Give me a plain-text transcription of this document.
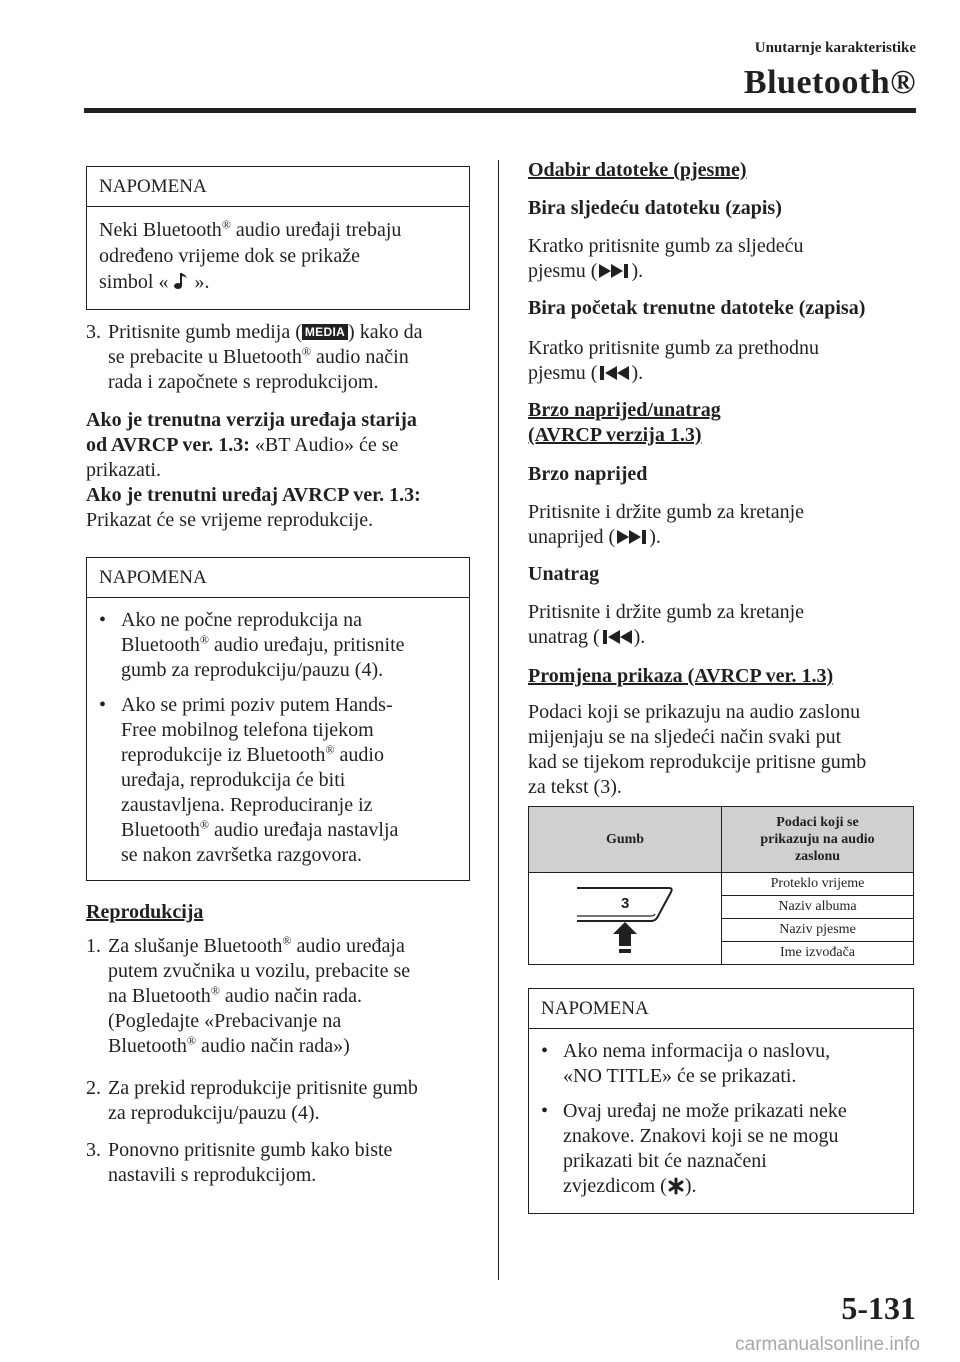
Unutarnje karakteristike
Bluetooth®
NAPOMENA
Neki Bluetooth® audio uređaji trebaju
određeno vrijeme dok se prikaže
simbol « ».
3. Pritisnite gumb medija ( MEDIA ) kako da
se prebacite u Bluetooth® audio način
rada i započnete s reprodukcijom.
Ako je trenutna verzija uređaja starija
od AVRCP ver. 1.3: «BT Audio» će se
prikazati.
Ako je trenutni uređaj AVRCP ver. 1.3:
Prikazat će se vrijeme reprodukcije.
NAPOMENA
• Ako ne počne reprodukcija na
Bluetooth® audio uređaju, pritisnite
gumb za reprodukciju/pauzu (4).
• Ako se primi poziv putem Hands-
Free mobilnog telefona tijekom
reprodukcije iz Bluetooth® audio
uređaja, reprodukcija će biti
zaustavljena. Reproduciranje iz
Bluetooth® audio uređaja nastavlja
se nakon završetka razgovora.
Reprodukcija
1. Za slušanje Bluetooth® audio uređaja
putem zvučnika u vozilu, prebacite se
na Bluetooth® audio način rada.
(Pogledajte «Prebacivanje na
Bluetooth® audio način rada»)
2. Za prekid reprodukcije pritisnite gumb
za reprodukciju/pauzu (4).
3. Ponovno pritisnite gumb kako biste
nastavili s reprodukcijom.
Odabir datoteke (pjesme)
Bira sljedeću datoteku (zapis)
Kratko pritisnite gumb za sljedeću
pjesmu ( ).
Bira početak trenutne datoteke (zapisa)
Kratko pritisnite gumb za prethodnu
pjesmu ( ).
Brzo naprijed/unatrag
(AVRCP verzija 1.3)
Brzo naprijed
Pritisnite i držite gumb za kretanje
unaprijed ( ).
Unatrag
Pritisnite i držite gumb za kretanje
unatrag ( ).
Promjena prikaza (AVRCP ver. 1.3)
Podaci koji se prikazuju na audio zaslonu
mijenjaju se na sljedeći način svaki put
kad se tijekom reprodukcije pritisne gumb
za tekst (3).
Gumb	Podaci koji se
prikazuju na audio
zaslonu

3	Proteklo vrijeme
	Naziv albuma
	Naziv pjesme
	Ime izvođača
NAPOMENA
• Ako nema informacija o naslovu,
«NO TITLE» će se prikazati.
• Ovaj uređaj ne može prikazati neke
znakove. Znakovi koji se ne mogu
prikazati bit će naznačeni
zvjezdicom ( ).
5-131
carmanualsonline.info
